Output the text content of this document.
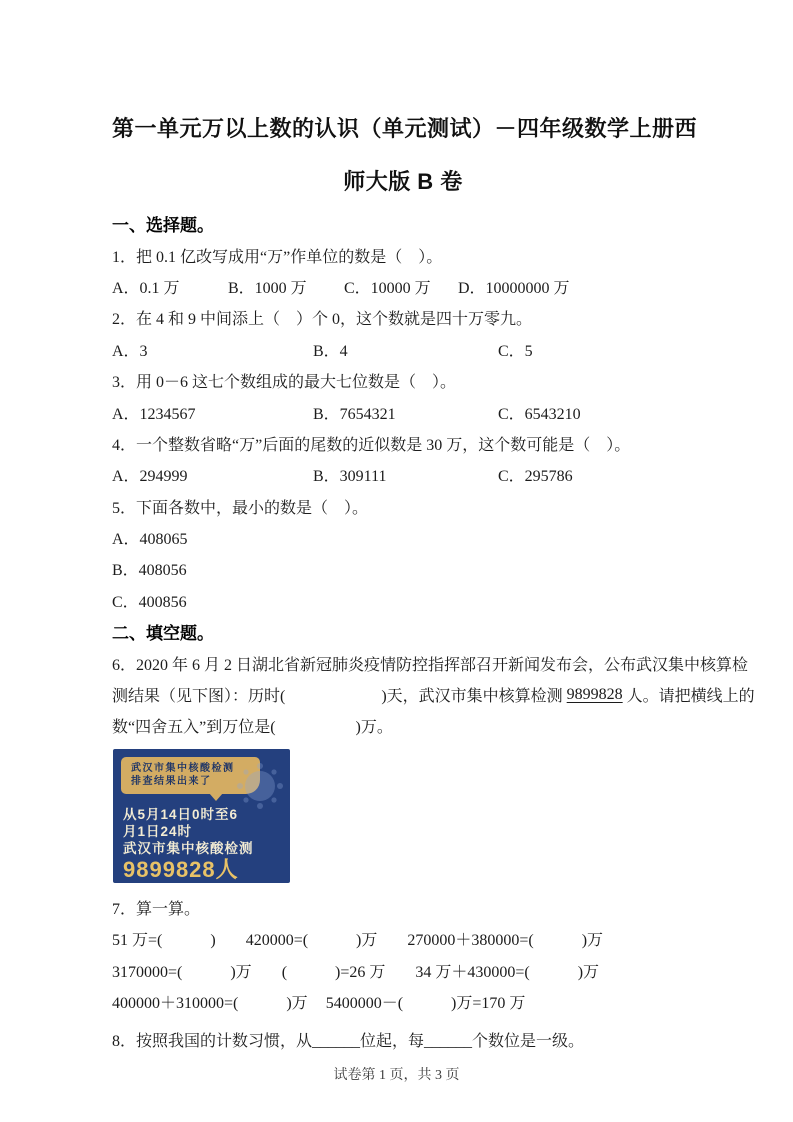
第一单元万以上数的认识（单元测试）－四年级数学上册西
师大版 B 卷
一、选择题。
1．把 0.1 亿改写成用“万”作单位的数是（　）。
A．0.1 万	B．1000 万	C．10000 万	D．10000000 万
2．在 4 和 9 中间添上（　）个 0，这个数就是四十万零九。
A．3	B．4	C．5
3．用 0－6 这七个数组成的最大七位数是（　）。
A．1234567	B．7654321	C．6543210
4．一个整数省略“万”后面的尾数的近似数是 30 万，这个数可能是（　）。
A．294999	B．309111	C．295786
5．下面各数中，最小的数是（　）。
A．408065
B．408056
C．400856
二、填空题。
6．2020 年 6 月 2 日湖北省新冠肺炎疫情防控指挥部召开新闻发布会，公布武汉集中核算检
测结果（见下图）：历时(　　　　　　)天，武汉市集中核算检测 9899828 人。请把横线上的
数“四舍五入”到万位是(　　　　　)万。
武汉市集中核酸检测
排查结果出来了
从5月14日0时至6
月1日24时
武汉市集中核酸检测
9899828人
7．算一算。
51 万=(　　　) 420000=(　　　)万 270000＋380000=(　　　)万
3170000=(　　　)万 (　　　)=26 万 34 万＋430000=(　　　)万
400000＋310000=(　　　)万 5400000－(　　　)万=170 万
8．按照我国的计数习惯，从______位起，每______个数位是一级。
试卷第 1 页，共 3 页
